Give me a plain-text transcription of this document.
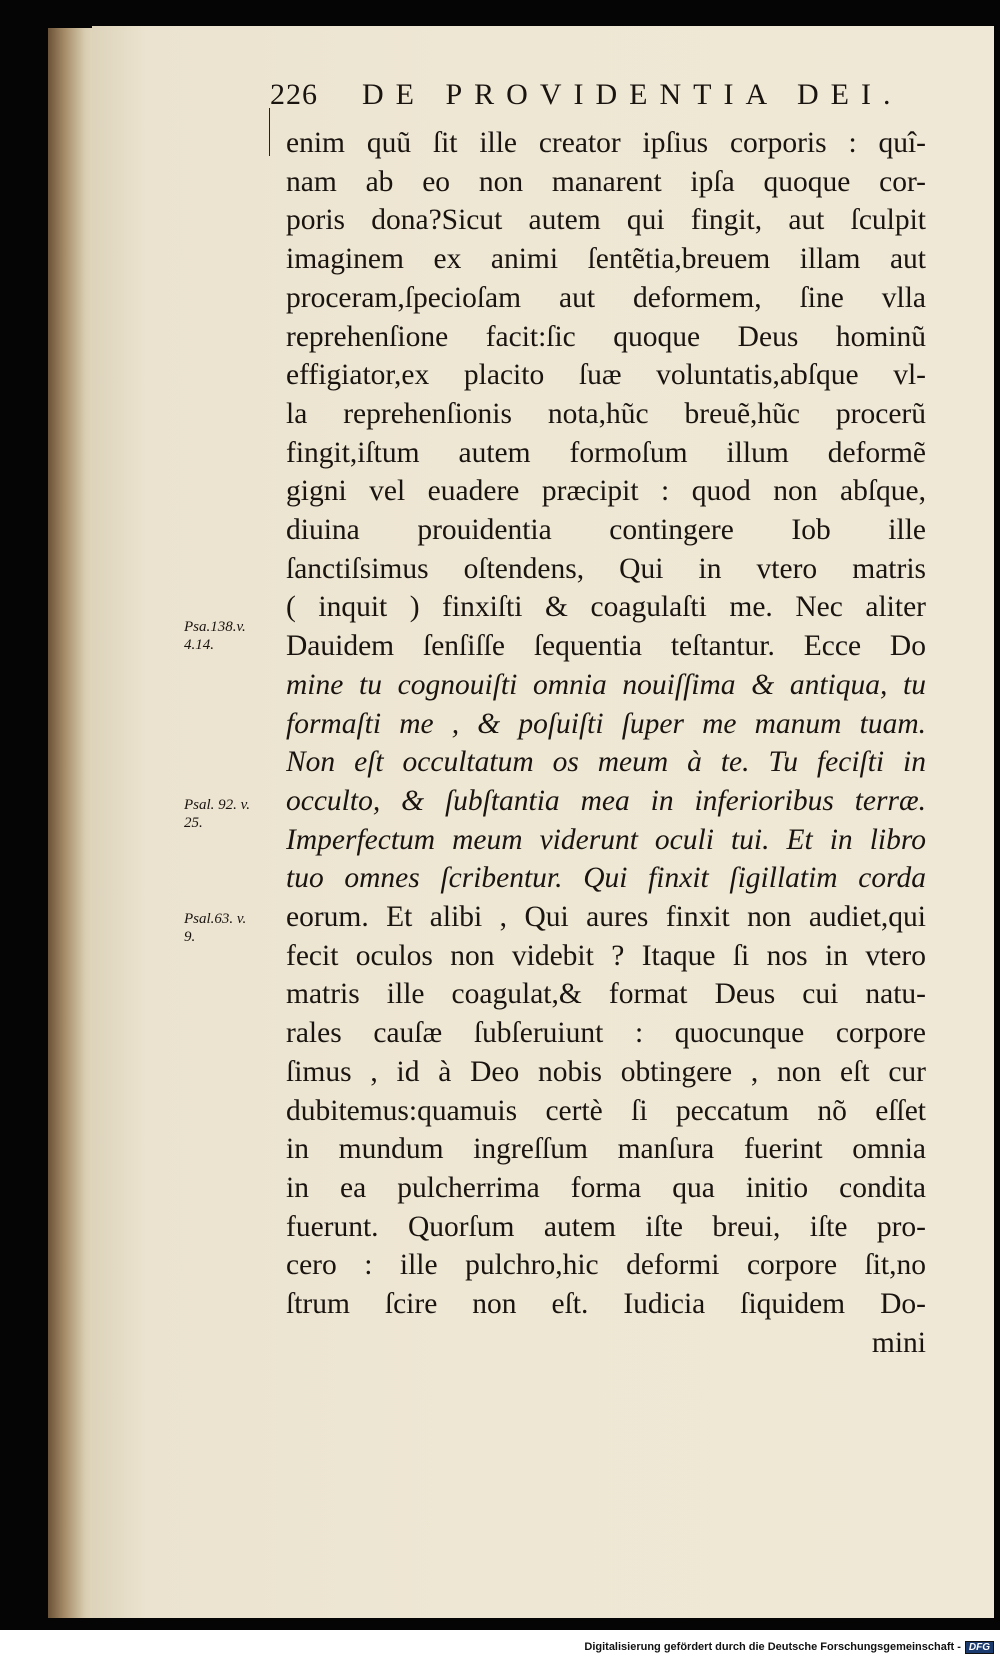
226 DE PROVIDENTIA DEI.
Psa.138.v.
4.14.
Psal. 92. v.
25.
Psal.63. v.
9.
enim quũ ſit ille creator ipſius corporis : quî-
nam ab eo non manarent ipſa quoque cor-
poris dona?Sicut autem qui fingit, aut ſculpit
imaginem ex animi ſentẽtia,breuem illam aut
proceram,ſpecioſam aut deformem, ſine vlla
reprehenſione facit:ſic quoque Deus hominũ
effigiator,ex placito ſuæ voluntatis,abſque vl-
la reprehenſionis nota,hũc breuẽ,hũc procerũ
fingit,iſtum autem formoſum illum deformẽ
gigni vel euadere præcipit : quod non abſque,
diuina prouidentia contingere Iob ille
ſanctiſsimus oſtendens, Qui in vtero matris
( inquit ) finxiſti & coagulaſti me. Nec aliter
Dauidem ſenſiſſe ſequentia teſtantur. Ecce Do
mine tu cognouiſti omnia nouiſſima & antiqua, tu
formaſti me , & poſuiſti ſuper me manum tuam.
Non eſt occultatum os meum à te. Tu feciſti in
occulto, & ſubſtantia mea in inferioribus terræ.
Imperfectum meum viderunt oculi tui. Et in libro
tuo omnes ſcribentur. Qui finxit ſigillatim corda
eorum. Et alibi , Qui aures finxit non audiet,qui
fecit oculos non videbit ? Itaque ſi nos in vtero
matris ille coagulat,& format Deus cui natu-
rales cauſæ ſubſeruiunt : quocunque corpore
ſimus , id à Deo nobis obtingere , non eſt cur
dubitemus:quamuis certè ſi peccatum nõ eſſet
in mundum ingreſſum manſura fuerint omnia
in ea pulcherrima forma qua initio condita
fuerunt. Quorſum autem iſte breui, iſte pro-
cero : ille pulchro,hic deformi corpore ſit,no
ſtrum ſcire non eſt. Iudicia ſiquidem Do-
mini
Digitalisierung gefördert durch die Deutsche Forschungsgemeinschaft - DFG
